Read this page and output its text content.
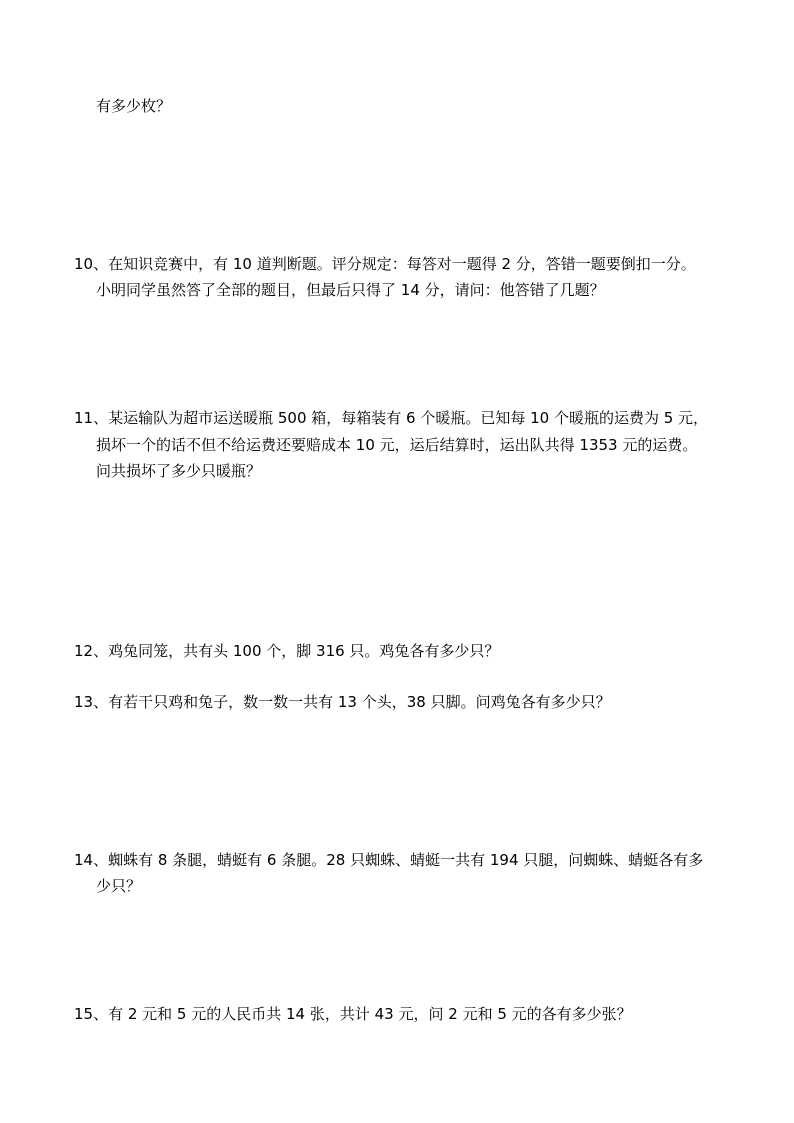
有多少枚？
10、在知识竞赛中，有 10 道判断题。评分规定：每答对一题得 2 分，答错一题要倒扣一分。
小明同学虽然答了全部的题目，但最后只得了 14 分，请问：他答错了几题？
11、某运输队为超市运送暖瓶 500 箱，每箱装有 6 个暖瓶。已知每 10 个暖瓶的运费为 5 元，
损坏一个的话不但不给运费还要赔成本 10 元，运后结算时，运出队共得 1353 元的运费。
问共损坏了多少只暖瓶？
12、鸡兔同笼，共有头 100 个，脚 316 只。鸡兔各有多少只？
13、有若干只鸡和兔子，数一数一共有 13 个头，38 只脚。问鸡兔各有多少只？
14、蜘蛛有 8 条腿，蜻蜓有 6 条腿。28 只蜘蛛、蜻蜓一共有 194 只腿，问蜘蛛、蜻蜓各有多
少只？
15、有 2 元和 5 元的人民币共 14 张，共计 43 元，问 2 元和 5 元的各有多少张？
